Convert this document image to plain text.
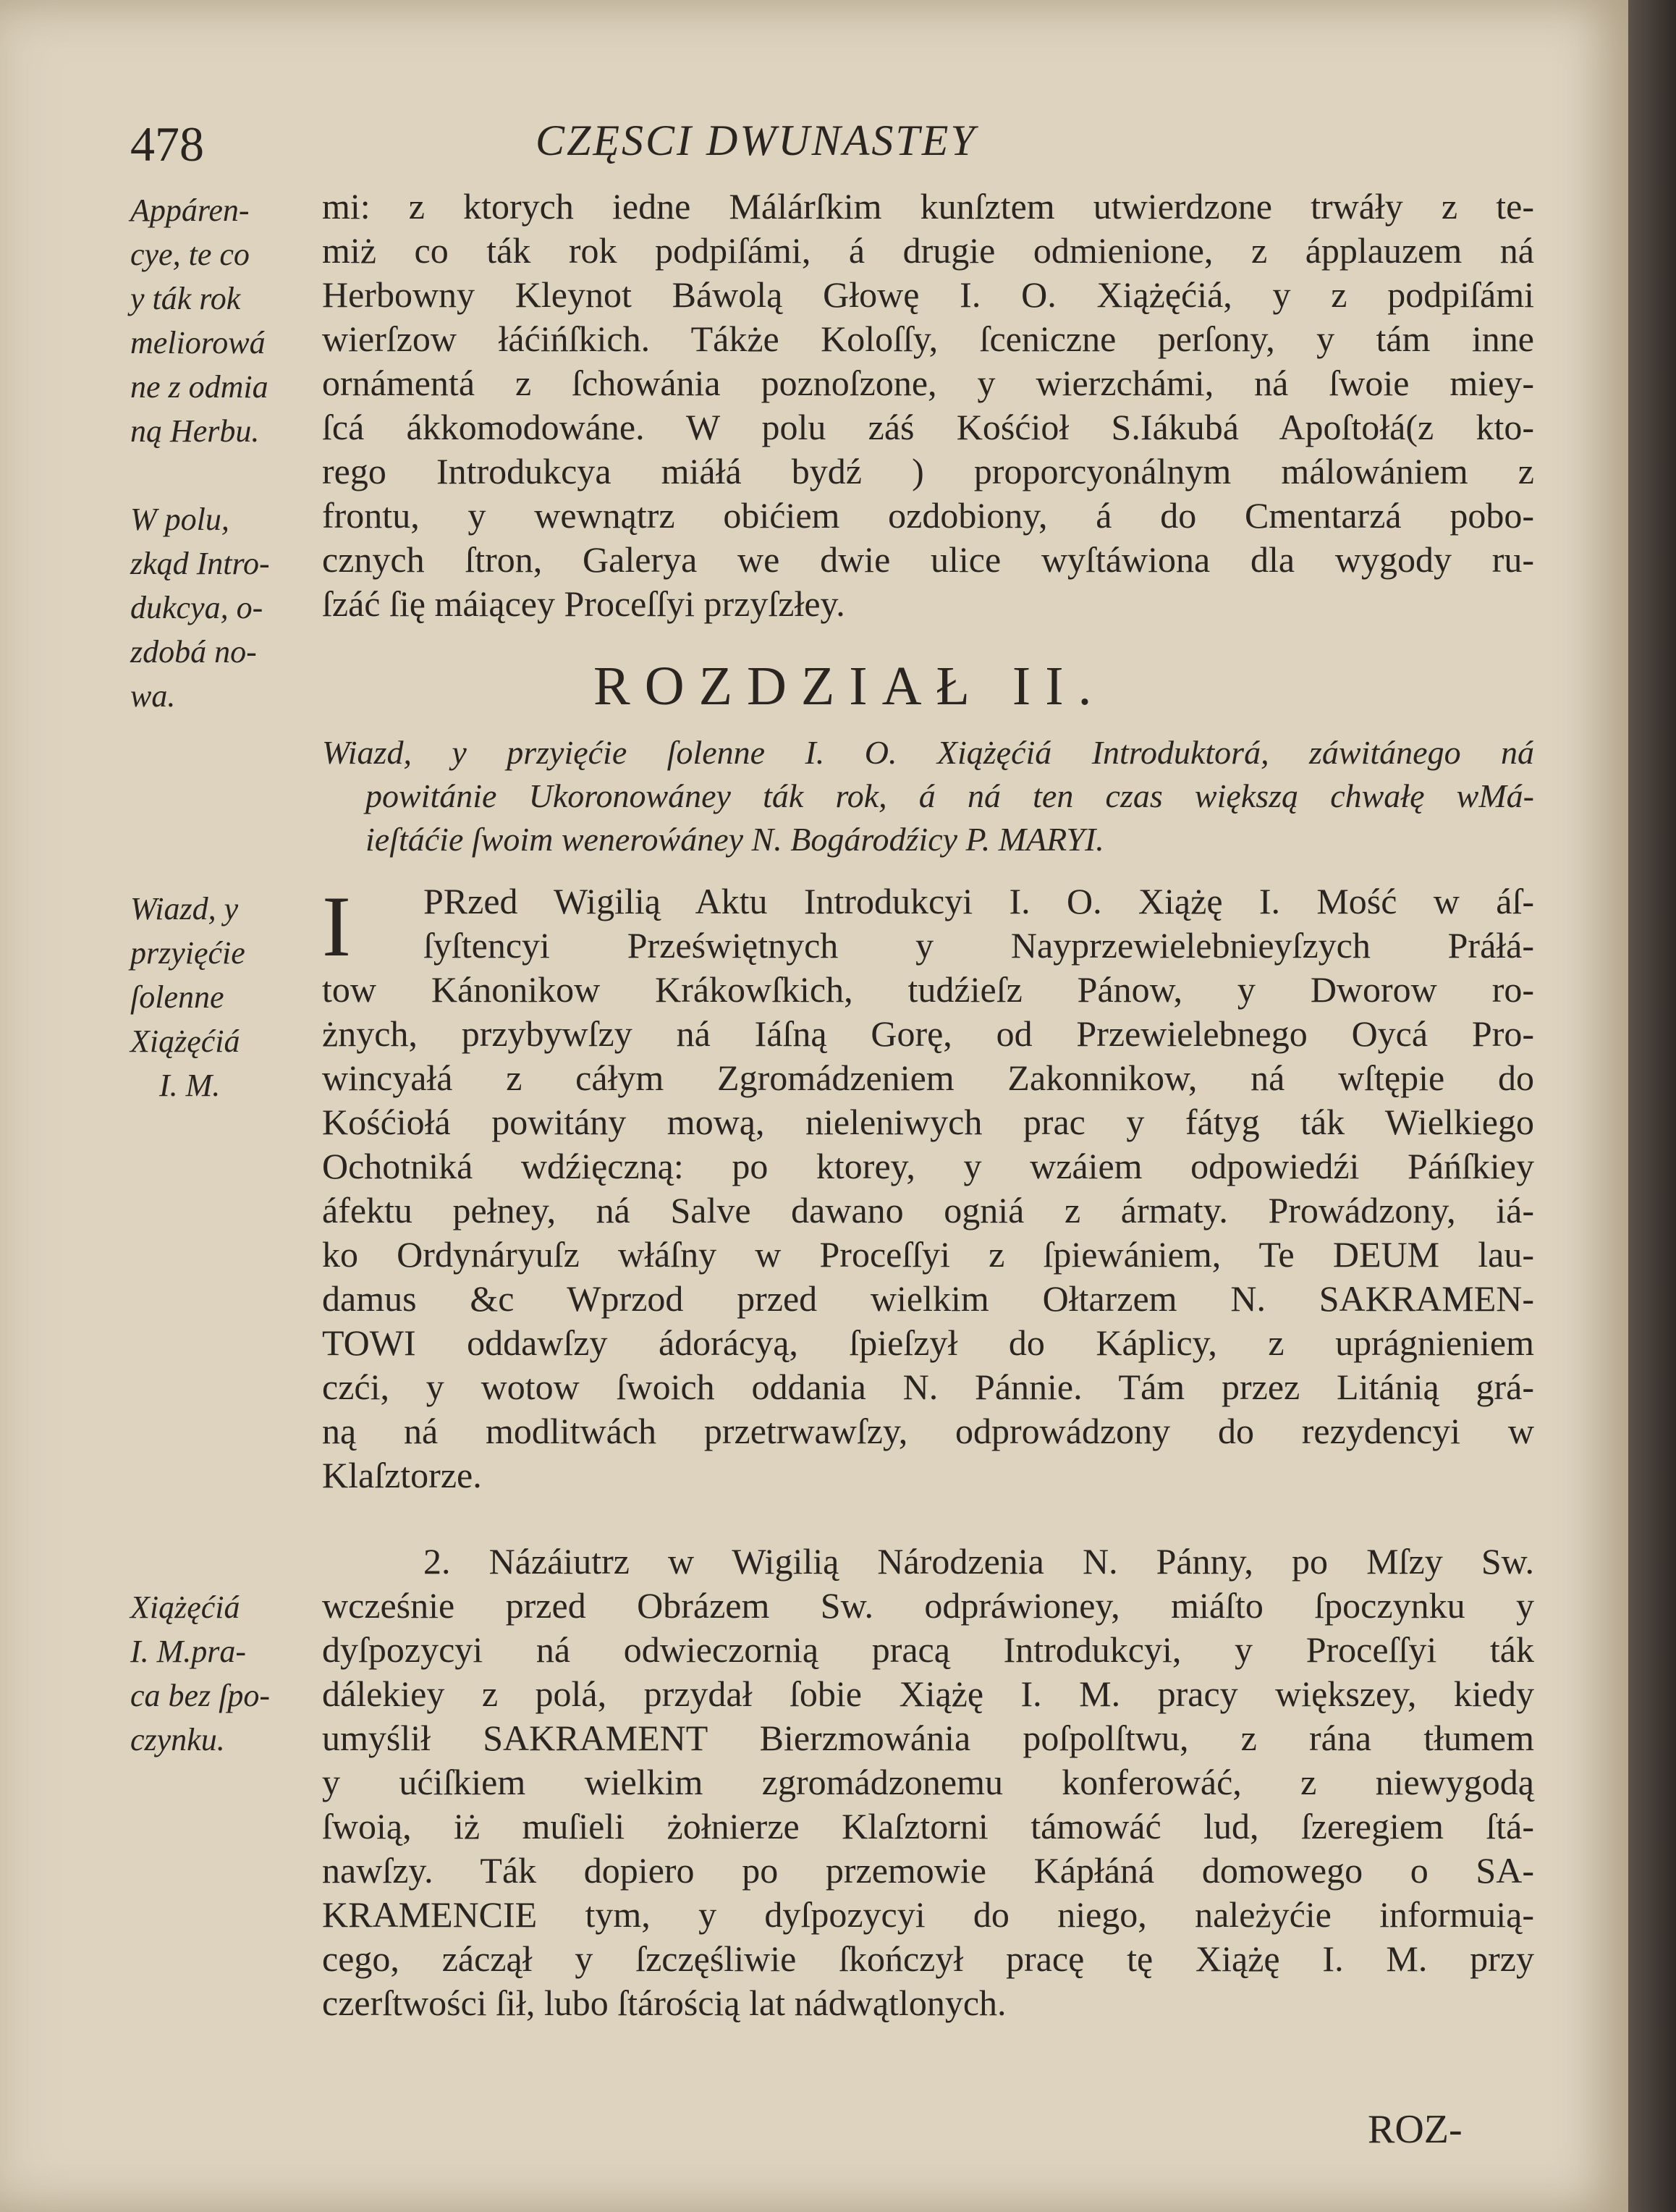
478	CZĘSCI DWUNASTEY
Appáren-
cye, te co
y ták rok
meliorowá
ne z odmia
ną Herbu.

W polu,
zkąd Intro-
dukcya, o-
zdobá no-
wa.
mi: z ktorych iedne Málárſkim kunſztem utwierdzone trwáły z te-
miż co ták rok podpiſámi, á drugie odmienione, z ápplauzem ná
Herbowny Kleynot Báwolą Głowę I. O. Xiążęćiá, y z podpiſámi
wierſzow łáćińſkich. Tákże Koloſſy, ſceniczne perſony, y tám inne
ornámentá z ſchowánia poznoſzone, y wierzchámi, ná ſwoie miey-
ſcá ákkomodowáne. W polu záś Kośćioł S.Iákubá Apoſtołá(z kto-
rego Introdukcya miáłá bydź ) proporcyonálnym málowániem z
frontu, y wewnątrz obićiem ozdobiony, á do Cmentarzá pobo-
cznych ſtron, Galerya we dwie ulice wyſtáwiona dla wygody ru-
ſzáć ſię máiącey Proceſſyi przyſzłey.
ROZDZIAŁ II.
Wiazd, y przyięćie ſolenne I. O. Xiążęćiá Introduktorá, záwitánego ná
powitánie Ukoronowáney ták rok, á ná ten czas większą chwałę wMá-
ieſtáćie ſwoim weneroẃáney N. Bogárodźicy P. MARYI.
Wiazd, y
przyięćie
ſolenne
Xiążęćiá
I. M.
I	PRzed Wigilią Aktu Introdukcyi I. O. Xiążę I. Mość w áſ-
ſyſtencyi Przeświętnych y Nayprzewielebnieyſzych Práłá-
tow Kánonikow Krákowſkich, tudźieſz Pánow, y Dworow ro-
żnych, przybywſzy ná Iáſną Gorę, od Przewielebnego Oycá Pro-
wincyałá z cáłym Zgromádzeniem Zakonnikow, ná wſtępie do
Kośćiołá powitány mową, nieleniwych prac y fátyg ták Wielkiego
Ochotniká wdźięczną: po ktorey, y wzáiem odpowiedźi Páńſkiey
áfektu pełney, ná Salve dawano ogniá z ármaty. Prowádzony, iá-
ko Ordynáryuſz włáſny w Proceſſyi z ſpiewániem, Te DEUM lau-
damus &c Wprzod przed wielkim Ołtarzem N. SAKRAMEN-
TOWI oddawſzy ádorácyą, ſpieſzył do Káplicy, z uprágnieniem
czći, y wotow ſwoich oddania N. Pánnie. Tám przez Litánią grá-
ną ná modlitwách przetrwawſzy, odprowádzony do rezydencyi w
Klaſztorze.
Xiążęćiá
I. M.pra-
ca bez ſpo-
czynku.
2. Názáiutrz w Wigilią Národzenia N. Pánny, po Mſzy Sw.
wcześnie przed Obrázem Sw. odpráwioney, miáſto ſpoczynku y
dyſpozycyi ná odwieczornią pracą Introdukcyi, y Proceſſyi ták
dálekiey z polá, przydał ſobie Xiążę I. M. pracy większey, kiedy
umyślił SAKRAMENT Bierzmowánia poſpolſtwu, z rána tłumem
y ućiſkiem wielkim zgromádzonemu konferowáć, z niewygodą
ſwoią, iż muſieli żołnierze Klaſztorni támowáć lud, ſzeregiem ſtá-
nawſzy. Ták dopiero po przemowie Kápłáná domowego o SA-
KRAMENCIE tym, y dyſpozycyi do niego, należyćie informuią-
cego, záczął y ſzczęśliwie ſkończył pracę tę Xiążę I. M. przy
czerſtwości ſił, lubo ſtárością lat nádwątlonych.
ROZ-
